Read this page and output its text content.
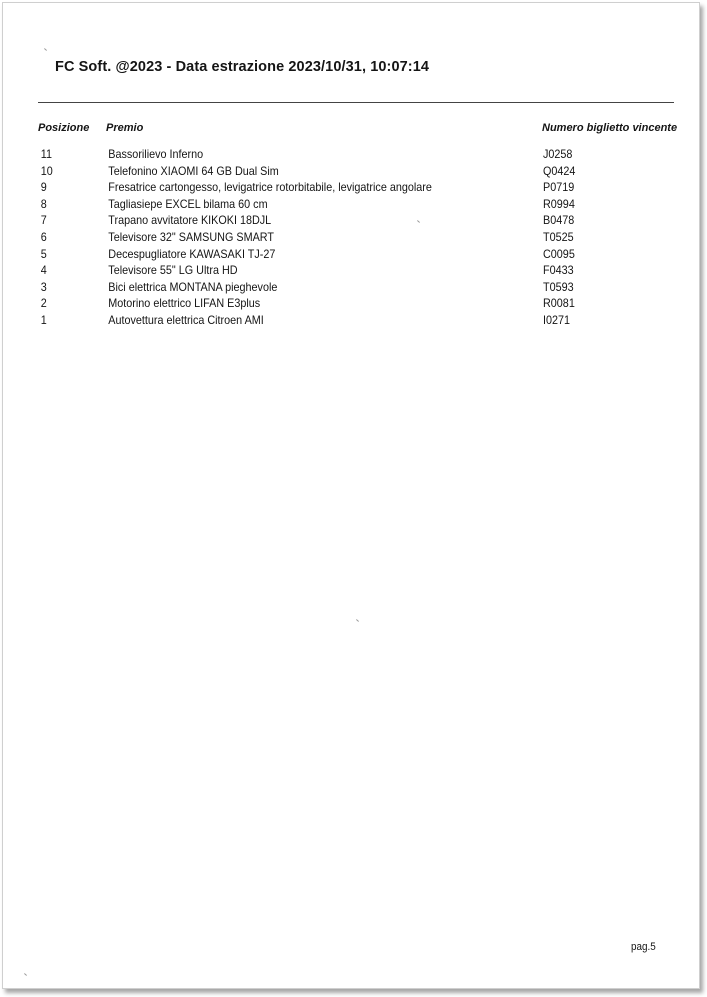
FC Soft. @2023 - Data estrazione 2023/10/31, 10:07:14
Posizione Premio	Numero biglietto vincente
11	Bassorilievo Inferno	J0258
10	Telefonino XIAOMI 64 GB Dual Sim	Q0424
9	Fresatrice cartongesso, levigatrice rotorbitabile, levigatrice angolare	P0719
8	Tagliasiepe EXCEL bilama 60 cm	R0994
7	Trapano avvitatore KIKOKI 18DJL	B0478
6	Televisore 32" SAMSUNG SMART	T0525
5	Decespugliatore KAWASAKI TJ-27	C0095
4	Televisore 55" LG Ultra HD	F0433
3	Bici elettrica MONTANA pieghevole	T0593
2	Motorino elettrico LIFAN E3plus	R0081
1	Autovettura elettrica Citroen AMI	I0271
pag.5
